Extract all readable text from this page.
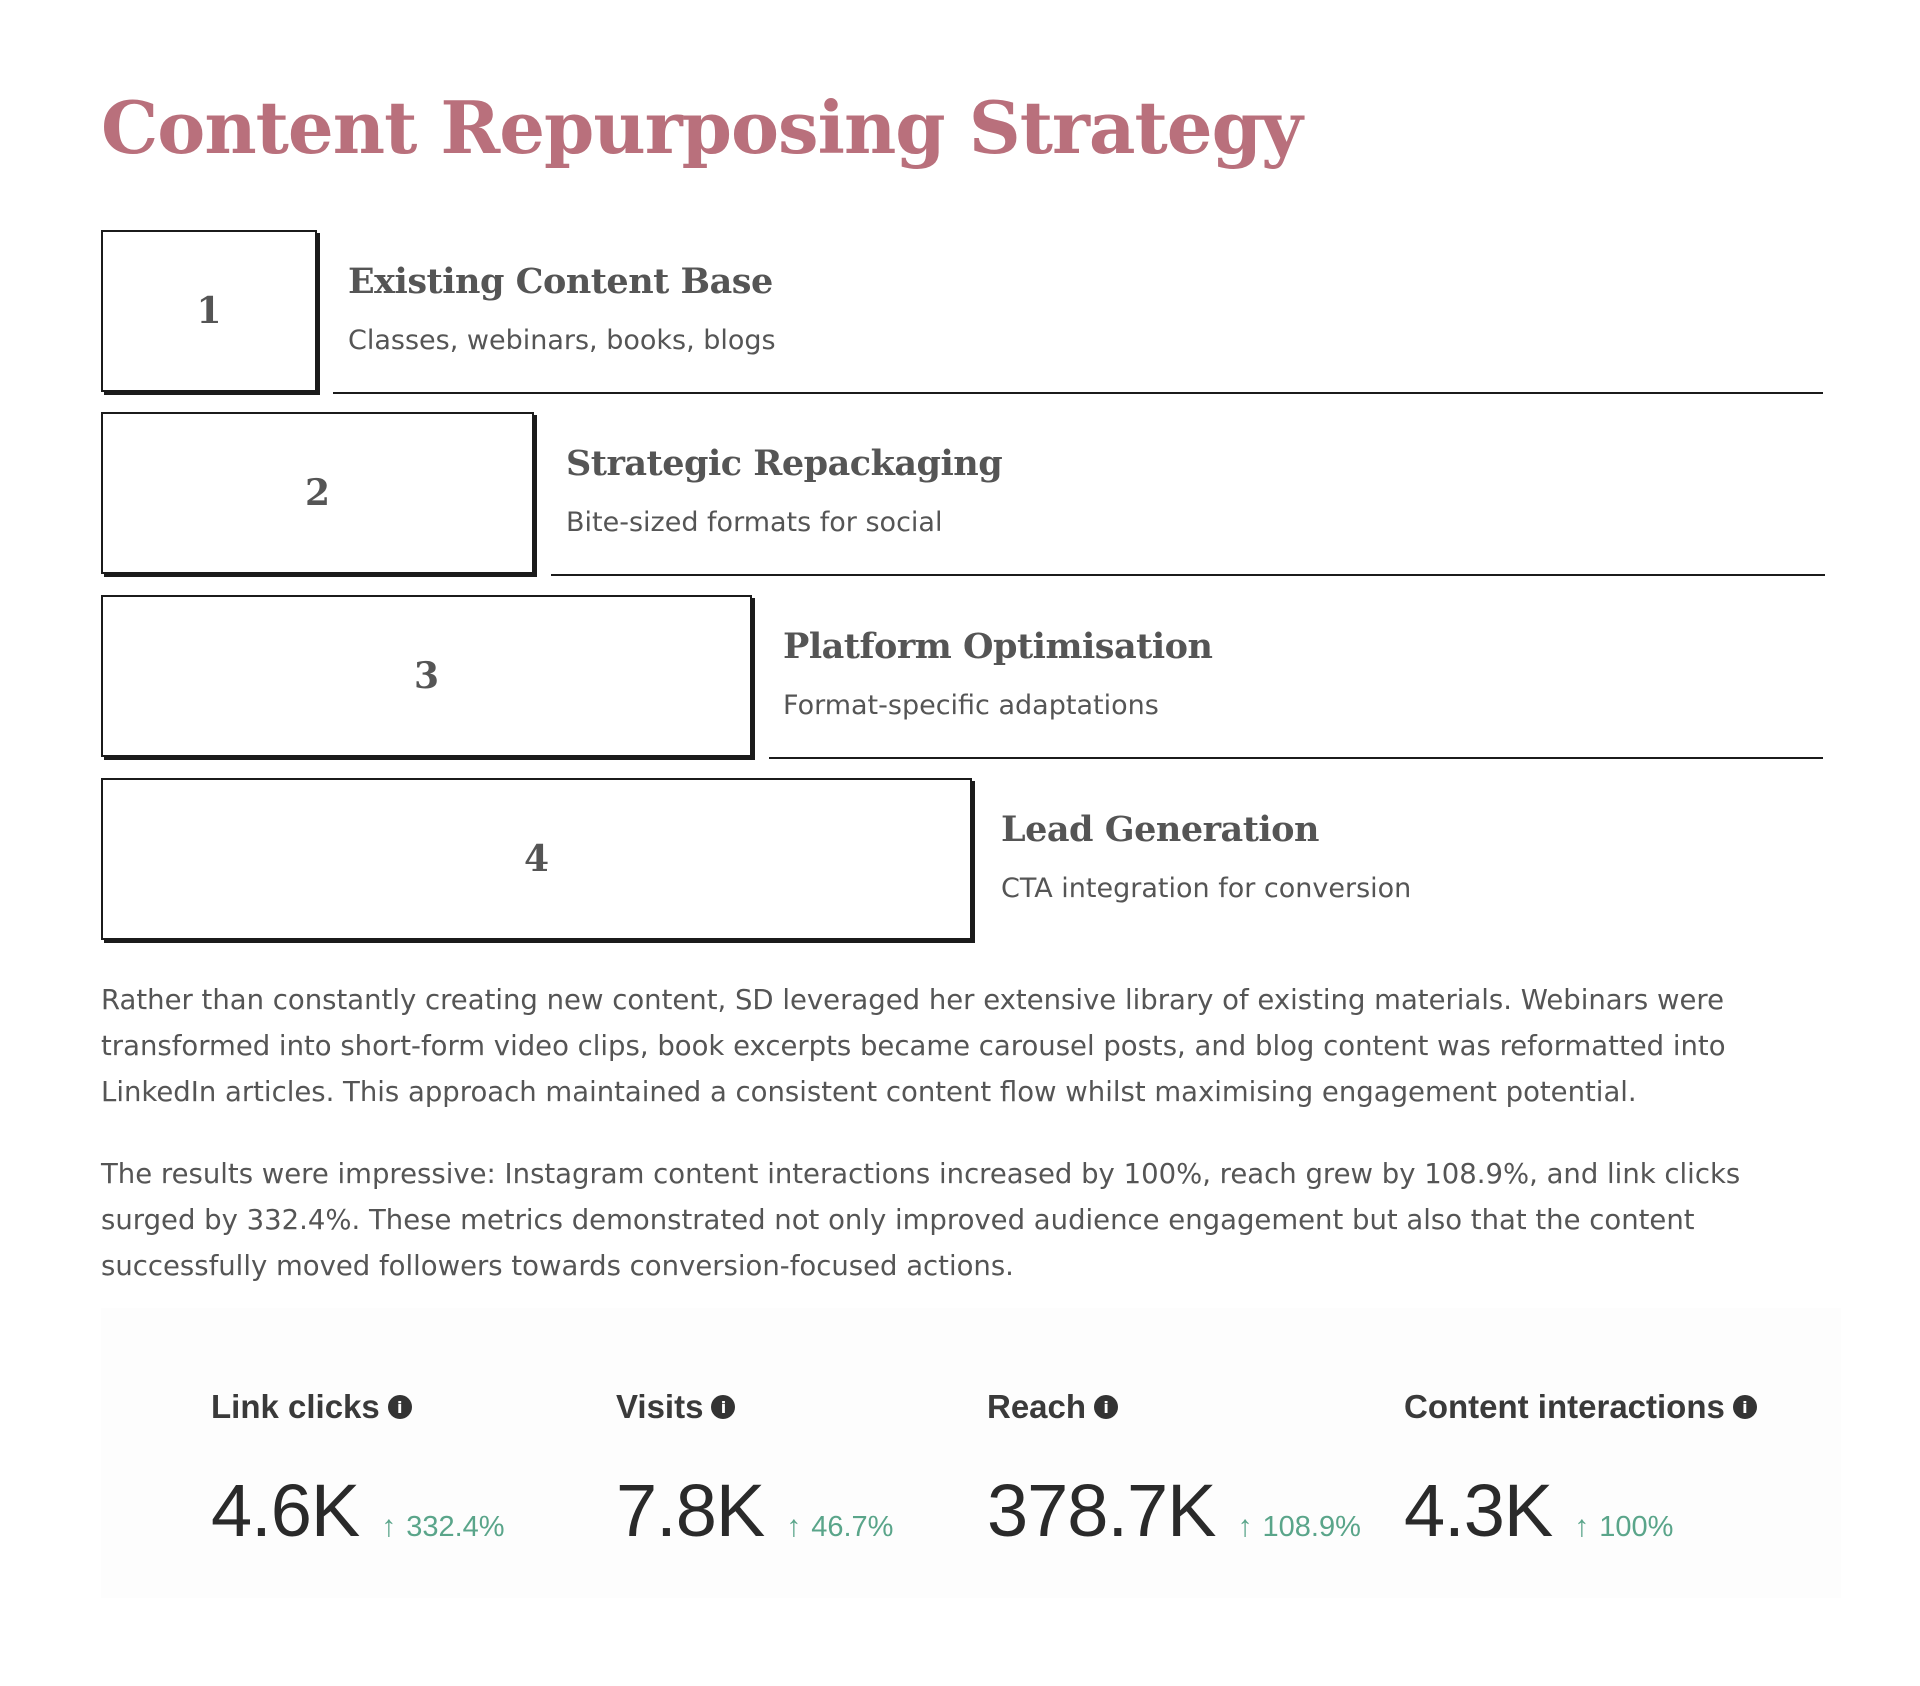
Content Repurposing Strategy
1
Existing Content Base

Classes, webinars, books, blogs

2
Strategic Repackaging

Bite-sized formats for social

3
Platform Optimisation

Format-specific adaptations

4
Lead Generation

CTA integration for conversion

Rather than constantly creating new content, SD leveraged her extensive library of existing materials. Webinars were transformed into short-form video clips, book excerpts became carousel posts, and blog content was reformatted into LinkedIn articles. This approach maintained a consistent content flow whilst maximising engagement potential.

The results were impressive: Instagram content interactions increased by 100%, reach grew by 108.9%, and link clicks surged by 332.4%. These metrics demonstrated not only improved audience engagement but also that the content successfully moved followers towards conversion-focused actions.

Link clicks	i
4.6K ↑ 332.4%
Visits	i
7.8K ↑ 46.7%
Reach	i
378.7K ↑ 108.9%
Content interactions	i
4.3K ↑ 100%
